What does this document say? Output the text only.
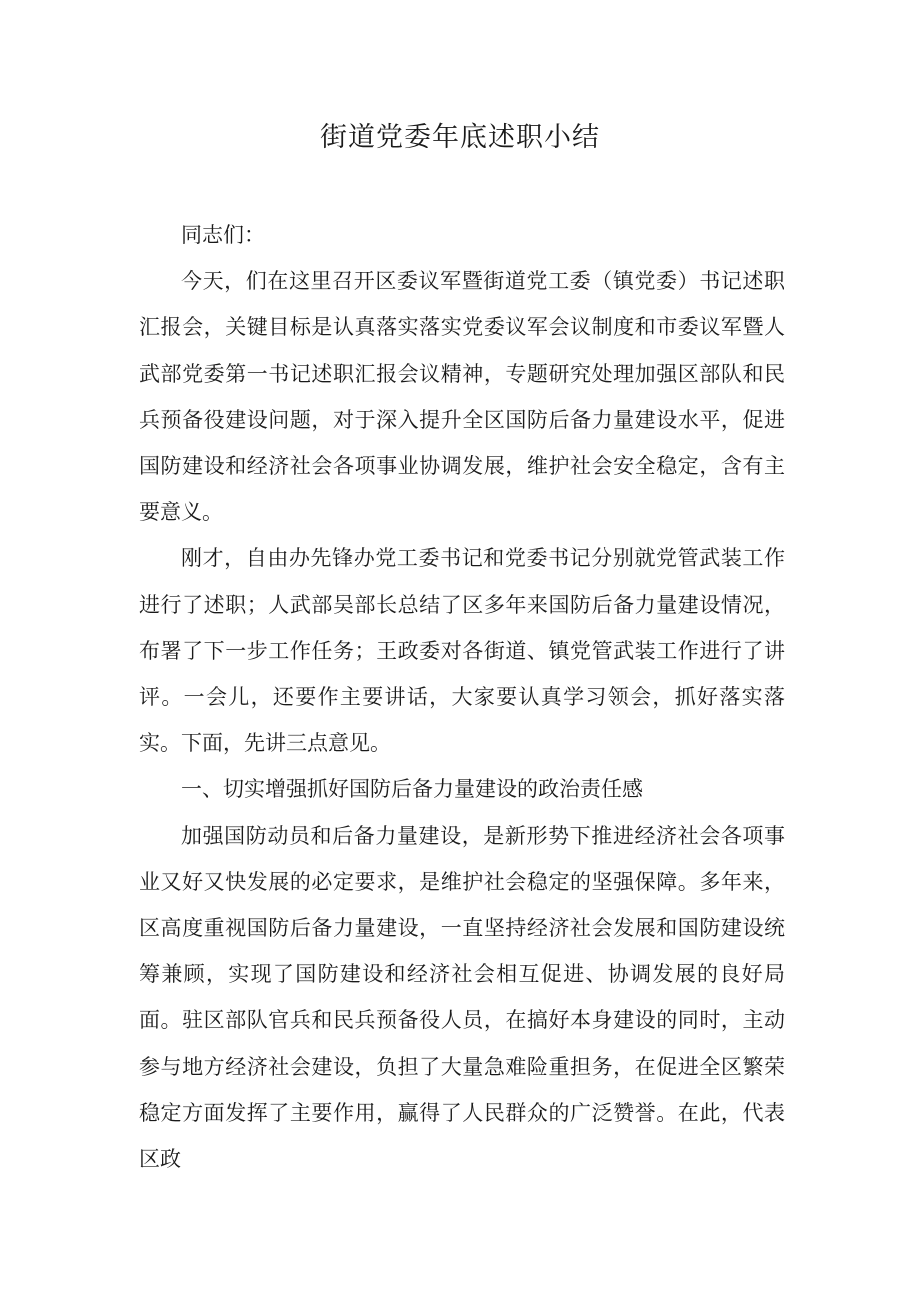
街道党委年底述职小结

同志们：

今天，们在这里召开区委议军暨街道党工委（镇党委）书记述职汇报会，关键目标是认真落实落实党委议军会议制度和市委议军暨人武部党委第一书记述职汇报会议精神，专题研究处理加强区部队和民兵预备役建设问题，对于深入提升全区国防后备力量建设水平，促进国防建设和经济社会各项事业协调发展，维护社会安全稳定，含有主要意义。

刚才，自由办先锋办党工委书记和党委书记分别就党管武装工作进行了述职；人武部吴部长总结了区多年来国防后备力量建设情况，布署了下一步工作任务；王政委对各街道、镇党管武装工作进行了讲评。一会儿，还要作主要讲话，大家要认真学习领会，抓好落实落实。下面，先讲三点意见。

一、切实增强抓好国防后备力量建设的政治责任感

加强国防动员和后备力量建设，是新形势下推进经济社会各项事业又好又快发展的必定要求，是维护社会稳定的坚强保障。多年来，区高度重视国防后备力量建设，一直坚持经济社会发展和国防建设统筹兼顾，实现了国防建设和经济社会相互促进、协调发展的良好局面。驻区部队官兵和民兵预备役人员，在搞好本身建设的同时，主动参与地方经济社会建设，负担了大量急难险重担务，在促进全区繁荣稳定方面发挥了主要作用，赢得了人民群众的广泛赞誉。在此，代表区政
